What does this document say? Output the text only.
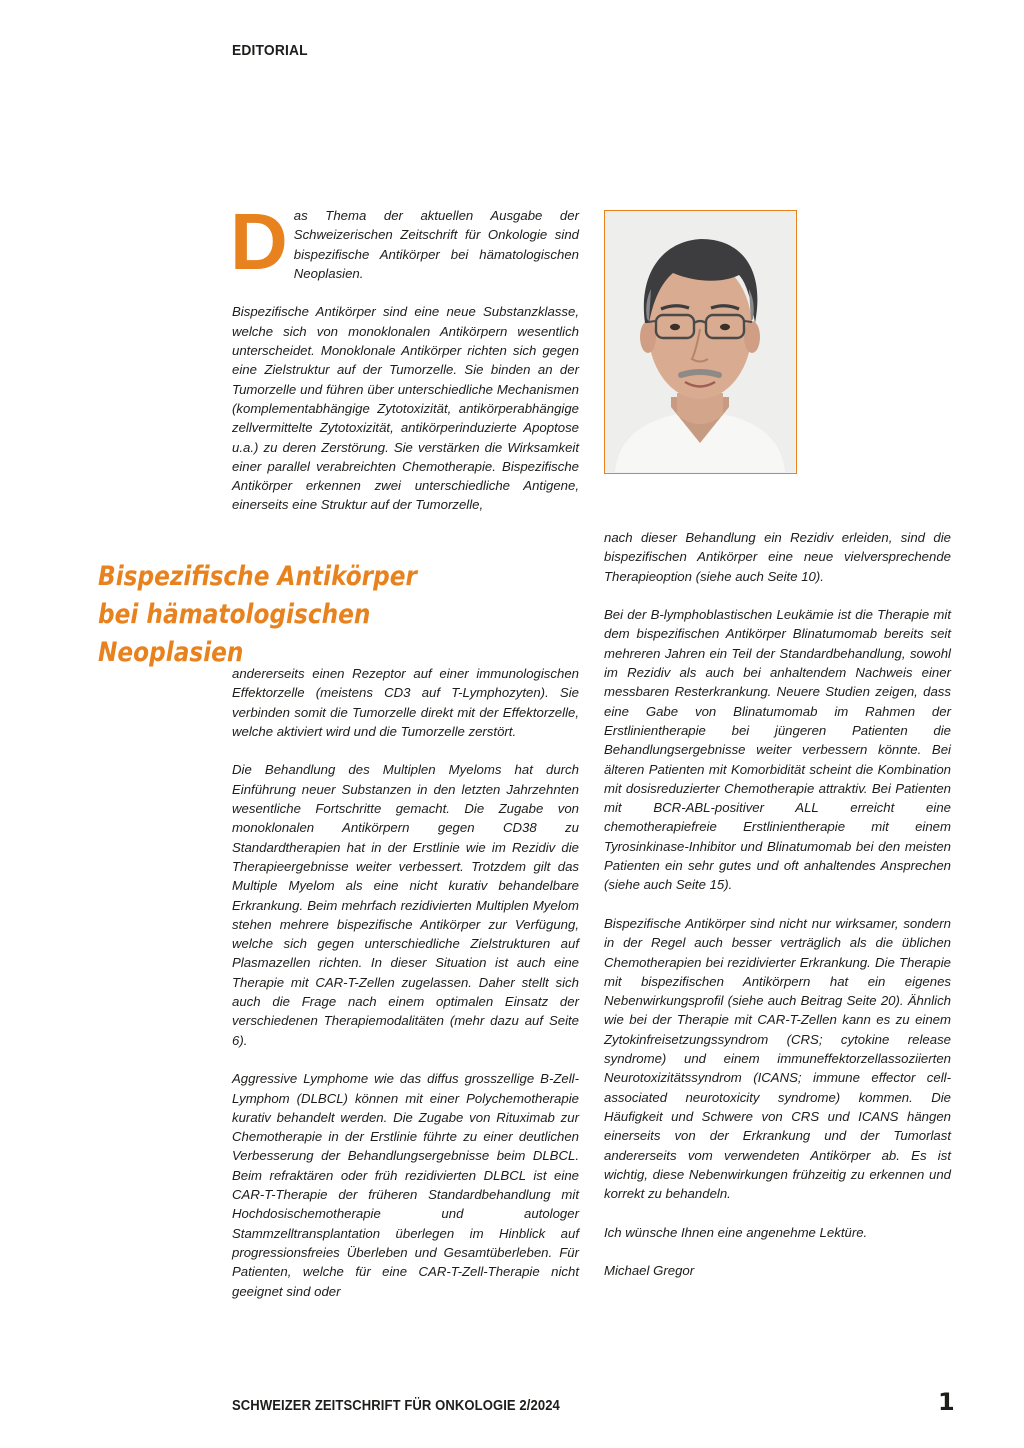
EDITORIAL

Das Thema der aktuellen Ausgabe der Schweizerischen Zeitschrift für Onkologie sind bispezifische Antikörper bei hämatologischen Neoplasien.

Bispezifische Antikörper sind eine neue Substanzklasse, welche sich von monoklonalen Antikörpern wesentlich unterscheidet. Monoklonale Antikörper richten sich gegen eine Zielstruktur auf der Tumorzelle. Sie binden an der Tumorzelle und führen über unterschiedliche Mechanismen (komplementabhängige Zytotoxizität, antikörperabhängige zellvermittelte Zytotoxizität, antikörperinduzierte Apoptose u.a.) zu deren Zerstörung. Sie verstärken die Wirksamkeit einer parallel verabreichten Chemotherapie. Bispezifische Antikörper erkennen zwei unterschiedliche Antigene, einerseits eine Struktur auf der Tumorzelle,

Bispezifische Antikörper
bei hämatologischen Neoplasien

andererseits einen Rezeptor auf einer immunologischen Effektorzelle (meistens CD3 auf T-Lymphozyten). Sie verbinden somit die Tumorzelle direkt mit der Effektorzelle, welche aktiviert wird und die Tumorzelle zerstört.

Die Behandlung des Multiplen Myeloms hat durch Einführung neuer Substanzen in den letzten Jahrzehnten wesentliche Fortschritte gemacht. Die Zugabe von monoklonalen Antikörpern gegen CD38 zu Standardtherapien hat in der Erstlinie wie im Rezidiv die Therapieergebnisse weiter verbessert. Trotzdem gilt das Multiple Myelom als eine nicht kurativ behandelbare Erkrankung. Beim mehrfach rezidivierten Multiplen Myelom stehen mehrere bispezifische Antikörper zur Verfügung, welche sich gegen unterschiedliche Zielstrukturen auf Plasmazellen richten. In dieser Situation ist auch eine Therapie mit CAR-T-Zellen zugelassen. Daher stellt sich auch die Frage nach einem optimalen Einsatz der verschiedenen Therapiemodalitäten (mehr dazu auf Seite 6).

Aggressive Lymphome wie das diffus grosszellige B-Zell-Lymphom (DLBCL) können mit einer Polychemotherapie kurativ behandelt werden. Die Zugabe von Rituximab zur Chemotherapie in der Erstlinie führte zu einer deutlichen Verbesserung der Behandlungsergebnisse beim DLBCL. Beim refraktären oder früh rezidivierten DLBCL ist eine CAR-T-Therapie der früheren Standardbehandlung mit Hochdosischemotherapie und autologer Stammzelltransplantation überlegen im Hinblick auf progressionsfreies Überleben und Gesamtüberleben. Für Patienten, welche für eine CAR-T-Zell-Therapie nicht geeignet sind oder

nach dieser Behandlung ein Rezidiv erleiden, sind die bispezifischen Antikörper eine neue vielversprechende Therapieoption (siehe auch Seite 10).

Bei der B-lymphoblastischen Leukämie ist die Therapie mit dem bispezifischen Antikörper Blinatumomab bereits seit mehreren Jahren ein Teil der Standardbehandlung, sowohl im Rezidiv als auch bei anhaltendem Nachweis einer messbaren Resterkrankung. Neuere Studien zeigen, dass eine Gabe von Blinatumomab im Rahmen der Erstlinientherapie bei jüngeren Patienten die Behandlungsergebnisse weiter verbessern könnte. Bei älteren Patienten mit Komorbidität scheint die Kombination mit dosisreduzierter Chemotherapie attraktiv. Bei Patienten mit BCR-ABL-positiver ALL erreicht eine chemotherapiefreie Erstlinientherapie mit einem Tyrosinkinase-Inhibitor und Blinatumomab bei den meisten Patienten ein sehr gutes und oft anhaltendes Ansprechen (siehe auch Seite 15).

Bispezifische Antikörper sind nicht nur wirksamer, sondern in der Regel auch besser verträglich als die üblichen Chemotherapien bei rezidivierter Erkrankung. Die Therapie mit bispezifischen Antikörpern hat ein eigenes Nebenwirkungsprofil (siehe auch Beitrag Seite 20). Ähnlich wie bei der Therapie mit CAR-T-Zellen kann es zu einem Zytokinfreisetzungssyndrom (CRS; cytokine release syndrome) und einem immuneffektorzellassoziierten Neurotoxizitätssyndrom (ICANS; immune effector cell-associated neurotoxicity syndrome) kommen. Die Häufigkeit und Schwere von CRS und ICANS hängen einerseits von der Erkrankung und der Tumorlast andererseits vom verwendeten Antikörper ab. Es ist wichtig, diese Nebenwirkungen frühzeitig zu erkennen und korrekt zu behandeln.

Ich wünsche Ihnen eine angenehme Lektüre.

Michael Gregor

SCHWEIZER ZEITSCHRIFT FÜR ONKOLOGIE 2/2024	1
